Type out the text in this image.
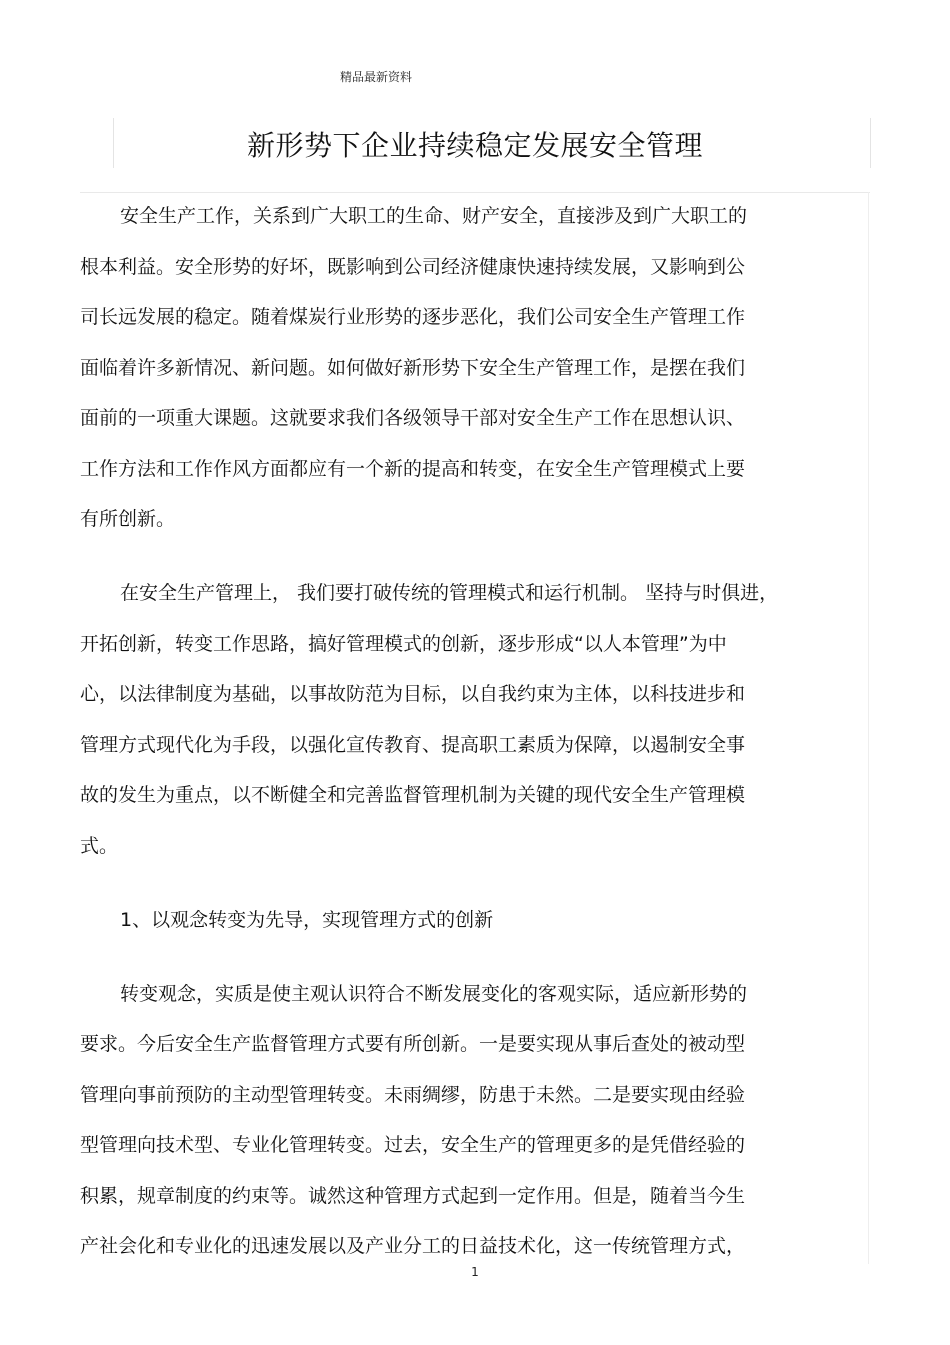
精品最新资料
新形势下企业持续稳定发展安全管理
安全生产工作，关系到广大职工的生命、财产安全，直接涉及到广大职工的
根本利益。安全形势的好坏，既影响到公司经济健康快速持续发展，又影响到公
司长远发展的稳定。随着煤炭行业形势的逐步恶化，我们公司安全生产管理工作
面临着许多新情况、新问题。如何做好新形势下安全生产管理工作，是摆在我们
面前的一项重大课题。这就要求我们各级领导干部对安全生产工作在思想认识、
工作方法和工作作风方面都应有一个新的提高和转变，在安全生产管理模式上要
有所创新。
在安全生产管理上， 我们要打破传统的管理模式和运行机制。 坚持与时俱进，
开拓创新，转变工作思路，搞好管理模式的创新，逐步形成“以人本管理”为中
心，以法律制度为基础，以事故防范为目标，以自我约束为主体，以科技进步和
管理方式现代化为手段，以强化宣传教育、提高职工素质为保障，以遏制安全事
故的发生为重点，以不断健全和完善监督管理机制为关键的现代安全生产管理模
式。
1、以观念转变为先导，实现管理方式的创新
转变观念，实质是使主观认识符合不断发展变化的客观实际，适应新形势的
要求。今后安全生产监督管理方式要有所创新。一是要实现从事后查处的被动型
管理向事前预防的主动型管理转变。未雨绸缪，防患于未然。二是要实现由经验
型管理向技术型、专业化管理转变。过去，安全生产的管理更多的是凭借经验的
积累，规章制度的约束等。诚然这种管理方式起到一定作用。但是，随着当今生
产社会化和专业化的迅速发展以及产业分工的日益技术化，这一传统管理方式，
1
